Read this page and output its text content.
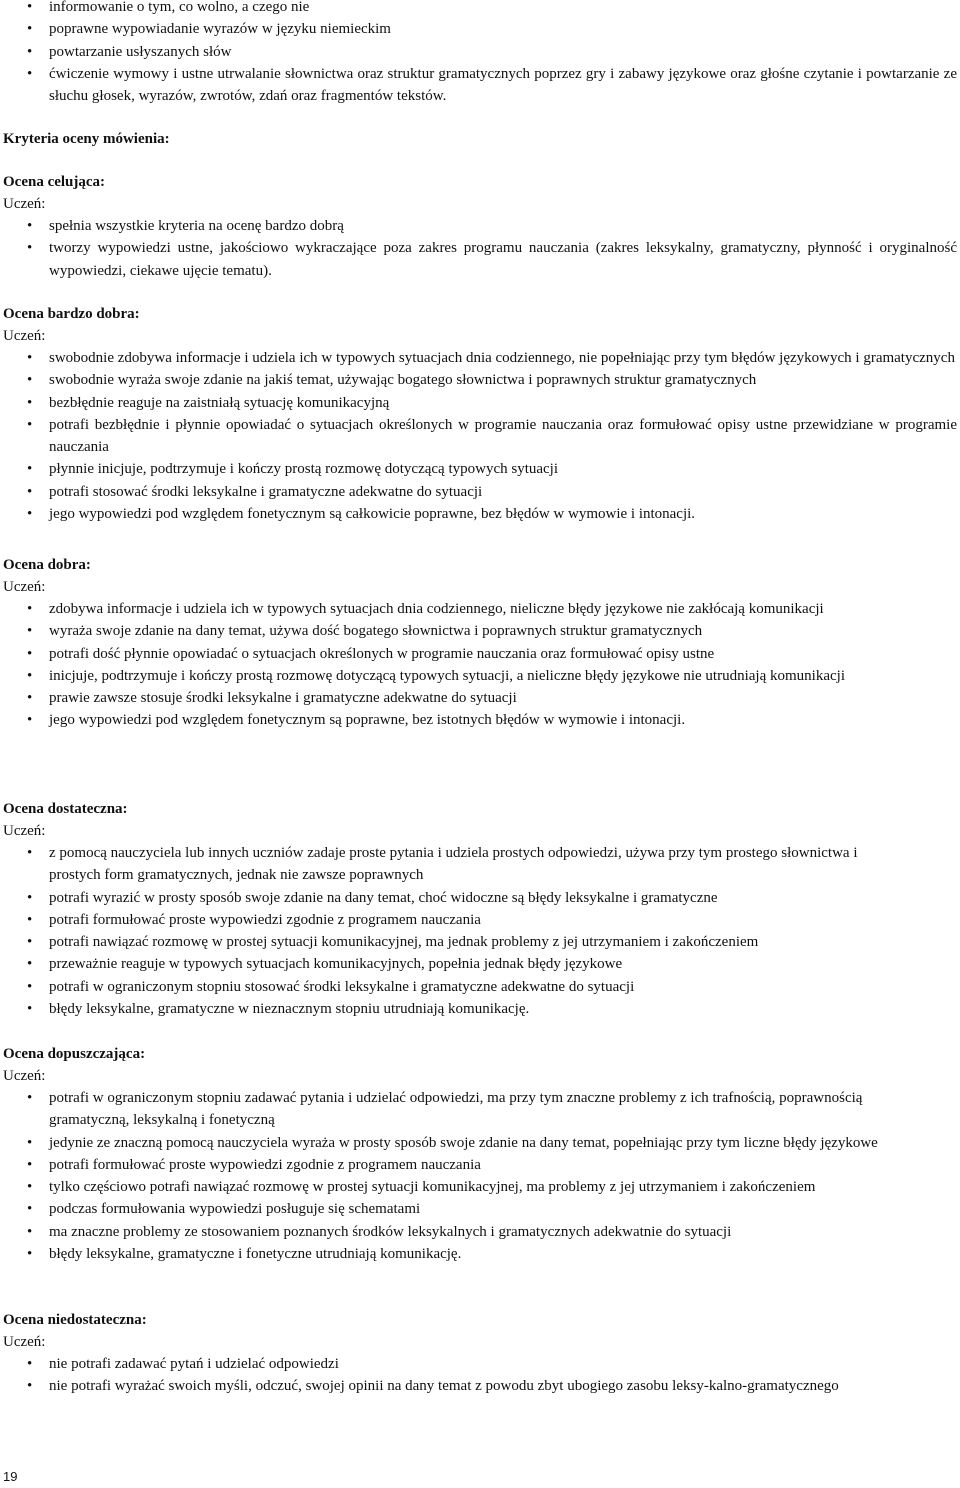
• informowanie o tym, co wolno, a czego nie
• poprawne wypowiadanie wyrazów w języku niemieckim
• powtarzanie usłyszanych słów
• ćwiczenie wymowy i ustne utrwalanie słownictwa oraz struktur gramatycznych poprzez gry i zabawy językowe oraz głośne czytanie i powtarzanie ze słuchu głosek, wyrazów, zwrotów, zdań oraz fragmentów tekstów.
Kryteria oceny mówienia:
Ocena celująca:
Uczeń:
• spełnia wszystkie kryteria na ocenę bardzo dobrą
• tworzy wypowiedzi ustne, jakościowo wykraczające poza zakres programu nauczania (zakres leksykalny, gramatyczny, płynność i oryginalność wypowiedzi, ciekawe ujęcie tematu).
Ocena bardzo dobra:
Uczeń:
• swobodnie zdobywa informacje i udziela ich w typowych sytuacjach dnia codziennego, nie popełniając przy tym błędów językowych i gramatycznych
• swobodnie wyraża swoje zdanie na jakiś temat, używając bogatego słownictwa i poprawnych struktur gramatycznych
• bezbłędnie reaguje na zaistniałą sytuację komunikacyjną
• potrafi bezbłędnie i płynnie opowiadać o sytuacjach określonych w programie nauczania oraz formułować opisy ustne przewidziane w programie nauczania
• płynnie inicjuje, podtrzymuje i kończy prostą rozmowę dotyczącą typowych sytuacji
• potrafi stosować środki leksykalne i gramatyczne adekwatne do sytuacji
• jego wypowiedzi pod względem fonetycznym są całkowicie poprawne, bez błędów w wymowie i intonacji.
Ocena dobra:
Uczeń:
• zdobywa informacje i udziela ich w typowych sytuacjach dnia codziennego, nieliczne błędy językowe nie zakłócają komunikacji
• wyraża swoje zdanie na dany temat, używa dość bogatego słownictwa i poprawnych struktur gramatycznych
• potrafi dość płynnie opowiadać o sytuacjach określonych w programie nauczania oraz formułować opisy ustne
• inicjuje, podtrzymuje i kończy prostą rozmowę dotyczącą typowych sytuacji, a nieliczne błędy językowe nie utrudniają komunikacji
• prawie zawsze stosuje środki leksykalne i gramatyczne adekwatne do sytuacji
• jego wypowiedzi pod względem fonetycznym są poprawne, bez istotnych błędów w wymowie i intonacji.
Ocena dostateczna:
Uczeń:
• z pomocą nauczyciela lub innych uczniów zadaje proste pytania i udziela prostych odpowiedzi, używa przy tym prostego słownictwa i prostych form gramatycznych, jednak nie zawsze poprawnych
• potrafi wyrazić w prosty sposób swoje zdanie na dany temat, choć widoczne są błędy leksykalne i gramatyczne
• potrafi formułować proste wypowiedzi zgodnie z programem nauczania
• potrafi nawiązać rozmowę w prostej sytuacji komunikacyjnej, ma jednak problemy z jej utrzymaniem i zakończeniem
• przeważnie reaguje w typowych sytuacjach komunikacyjnych, popełnia jednak błędy językowe
• potrafi w ograniczonym stopniu stosować środki leksykalne i gramatyczne adekwatne do sytuacji
• błędy leksykalne, gramatyczne w nieznacznym stopniu utrudniają komunikację.
Ocena dopuszczająca:
Uczeń:
• potrafi w ograniczonym stopniu zadawać pytania i udzielać odpowiedzi, ma przy tym znaczne problemy z ich trafnością, poprawnością gramatyczną, leksykalną i fonetyczną
• jedynie ze znaczną pomocą nauczyciela wyraża w prosty sposób swoje zdanie na dany temat, popełniając przy tym liczne błędy językowe
• potrafi formułować proste wypowiedzi zgodnie z programem nauczania
• tylko częściowo potrafi nawiązać rozmowę w prostej sytuacji komunikacyjnej, ma problemy z jej utrzymaniem i zakończeniem
• podczas formułowania wypowiedzi posługuje się schematami
• ma znaczne problemy ze stosowaniem poznanych środków leksykalnych i gramatycznych adekwatnie do sytuacji
• błędy leksykalne, gramatyczne i fonetyczne utrudniają komunikację.
Ocena niedostateczna:
Uczeń:
• nie potrafi zadawać pytań i udzielać odpowiedzi
• nie potrafi wyrażać swoich myśli, odczuć, swojej opinii na dany temat z powodu zbyt ubogiego zasobu leksy-kalno-gramatycznego
19
